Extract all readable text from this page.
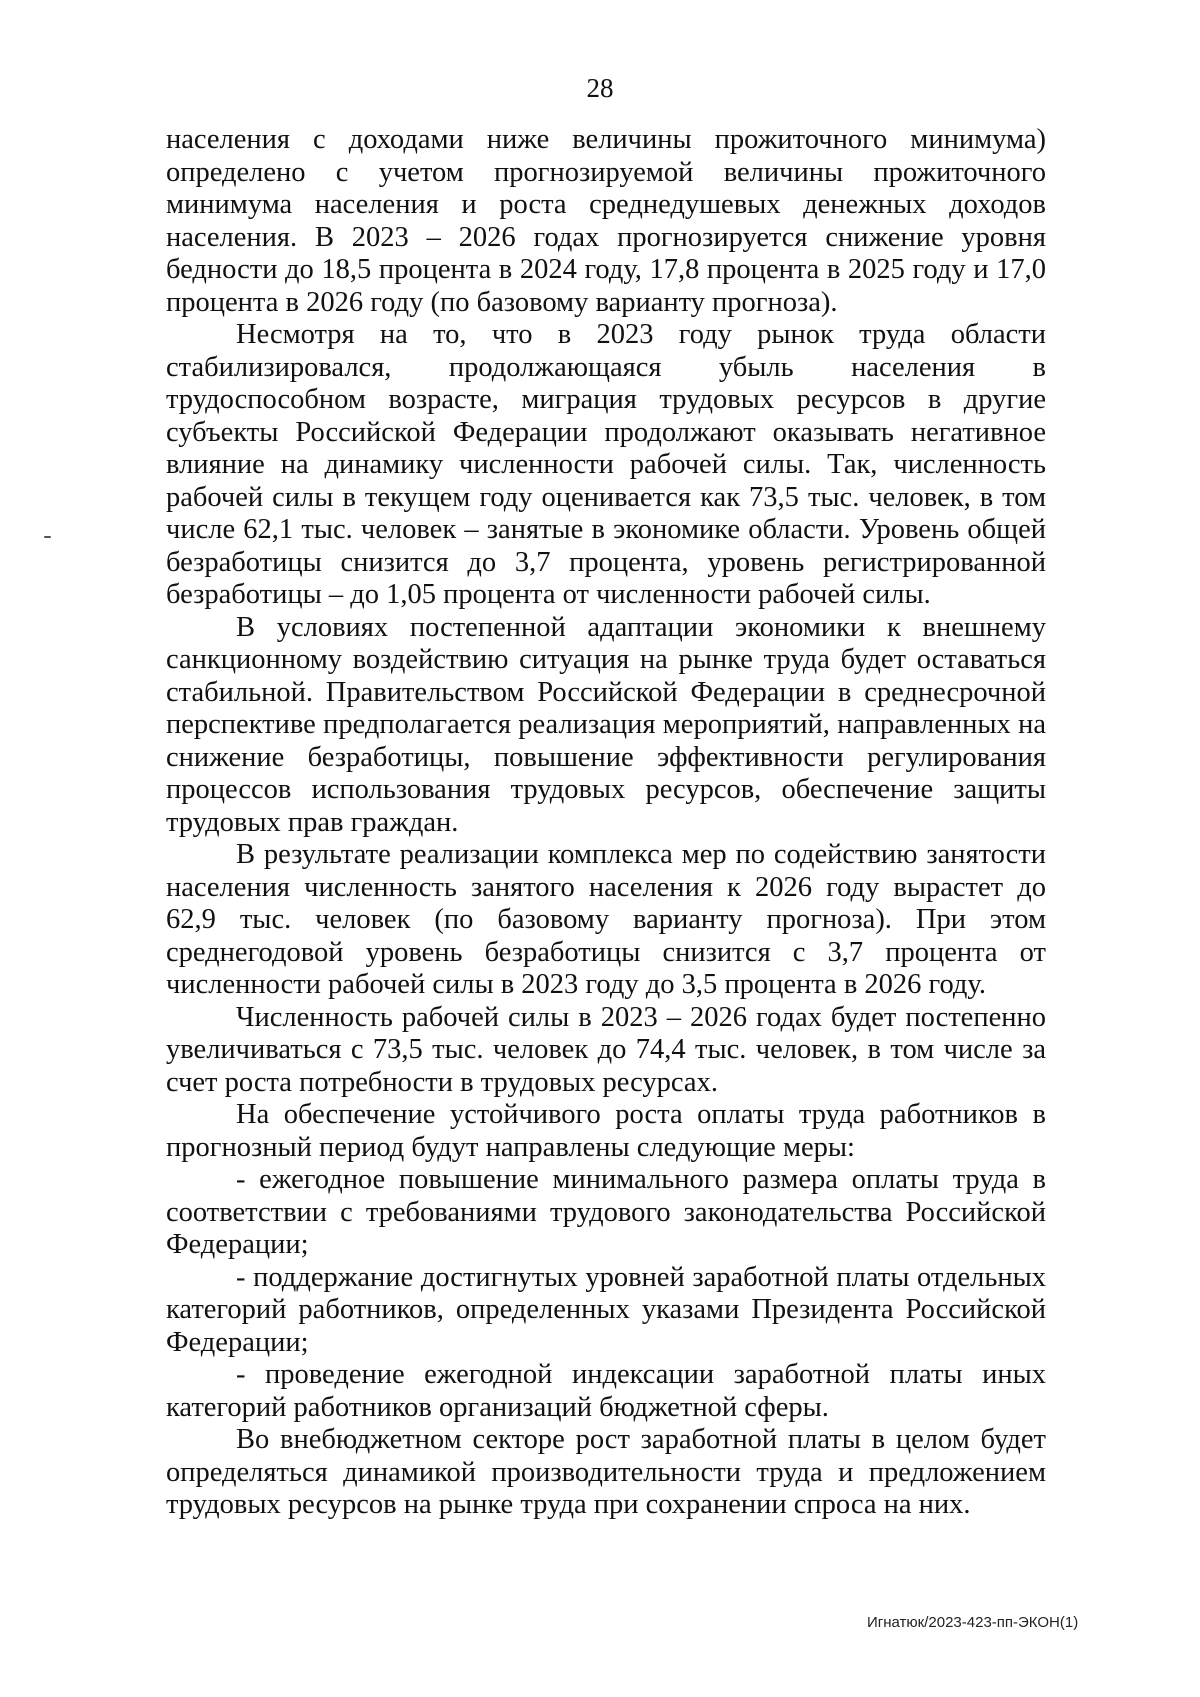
28

населения с доходами ниже величины прожиточного минимума) определено с учетом прогнозируемой величины прожиточного минимума населения и роста среднедушевых денежных доходов населения. В 2023 – 2026 годах прогнозируется снижение уровня бедности до 18,5 процента в 2024 году, 17,8 процента в 2025 году и 17,0 процента в 2026 году (по базовому варианту прогноза).

Несмотря на то, что в 2023 году рынок труда области стабилизировался, продолжающаяся убыль населения в трудоспособном возрасте, миграция трудовых ресурсов в другие субъекты Российской Федерации продолжают оказывать негативное влияние на динамику численности рабочей силы. Так, численность рабочей силы в текущем году оценивается как 73,5 тыс. человек, в том числе 62,1 тыс. человек – занятые в экономике области. Уровень общей безработицы снизится до 3,7 процента, уровень регистрированной безработицы – до 1,05 процента от численности рабочей силы.

В условиях постепенной адаптации экономики к внешнему санкционному воздействию ситуация на рынке труда будет оставаться стабильной. Правительством Российской Федерации в среднесрочной перспективе предполагается реализация мероприятий, направленных на снижение безработицы, повышение эффективности регулирования процессов использования трудовых ресурсов, обеспечение защиты трудовых прав граждан.

В результате реализации комплекса мер по содействию занятости населения численность занятого населения к 2026 году вырастет до 62,9 тыс. человек (по базовому варианту прогноза). При этом среднегодовой уровень безработицы снизится с 3,7 процента от численности рабочей силы в 2023 году до 3,5 процента в 2026 году.

Численность рабочей силы в 2023 – 2026 годах будет постепенно увеличиваться с 73,5 тыс. человек до 74,4 тыс. человек, в том числе за счет роста потребности в трудовых ресурсах.

На обеспечение устойчивого роста оплаты труда работников в прогнозный период будут направлены следующие меры:

- ежегодное повышение минимального размера оплаты труда в соответствии с требованиями трудового законодательства Российской Федерации;

- поддержание достигнутых уровней заработной платы отдельных категорий работников, определенных указами Президента Российской Федерации;

- проведение ежегодной индексации заработной платы иных категорий работников организаций бюджетной сферы.

Во внебюджетном секторе рост заработной платы в целом будет определяться динамикой производительности труда и предложением трудовых ресурсов на рынке труда при сохранении спроса на них.

Игнатюк/2023-423-пп-ЭКОН(1)
